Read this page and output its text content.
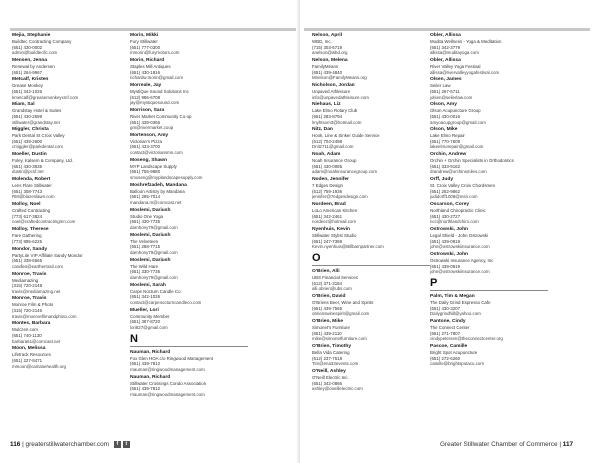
Mejia, Stephanie
Buildtec Contracting Company
(651) 430-0002
admin@buildtecllc.com
Mensen, Jenna
Renewal by Andersen
(651) 264-9967
Metcalf, Kristen
Grease Monkey
(651) 342-1026
kmetcalf@greasemonkeyxmf.com
Miam, Sal
Grandstay Hotel & Suites
(651) 430-2699
stillwater@grandstay.net
Miggler, Christa
Park Dental St Croix Valley
(651) 439-2600
cmiggler@parkdental.com
Moeller, Dustin
Foley, Kalsem & Company, Ltd.
(651) 430-3635
dustin@pcsf.net
Molenda, Robert
Lens Flare Stillwater
(651) 308-7743
RM@blazeslawn.com
Molloy, Noel
Crafted Contracting
(773) 617-3824
noel@craftedcontractingmn.com
Molloy, Therese
Fare Gathering
(773) 895-6225
Mondor, Sandy
PartyLite VIP Affiliate Sandy Mondor
(651) 338-6565
candles@earthentrail.com
Monroe, Travis
Mediamazing
(315) 720-2148
travis@mediamazing.net
Monroe, Travis
Monroe Film & Photo
(315) 720-2146
travis@monroefilmandphoto.com
Montes, Barbara
Mulczen.com
(651) 740-1130
barbara61@comcast.net
Moon, Melissa
Lifetrack Resources
(651) 227-8471
mmoon@camasehealth.org
Morin, Mikki
Fury Stillwater
(651) 777-0300
mmorin@furymotors.com
Morin, Richard
Staples Mill Antiques
(651) 430-1816
richardw.morin@gmail.com
Morreale, Jay
MystiQue Sound Solutions Inc
(612) 986-6708
jay@mystiquesound.com
Morrison, Sara
River Market Community Co-op
(651) 439-0366
gm@rivermarket.coop
Mortenson, Amy
Victorian's Pizza
(651) 433-3700
contact@victoriansmn.com
Moseng, Shawn
MYP Landscape Supply
(651) 755-9880
smoseng@myplandscapesupply.com
Moshrefzadeh, Mandana
Balloon Artistry by Mandana
(651) 295-7014
mandana.m@comcast.net
Moslemi, Dariush
Studio One Yoga
(651) 430-7735
darnhony79@gmail.com
Moslemi, Dariush
The Velveteen
(651) 288-7715
darnhony79@gmail.com
Moslemi, Dariush
The Wild Hare
(651) 330-7735
darnhony79@gmail.com
Moslemi, Sarah
Carpe Nocturn Candle Co
(651) 342-1026
contact@carpenocturncandleco.com
Mueller, Lori
Community Member
(651) 387-8720
lori827@gmail.com
N
Nauman, Richard
Fox Glen HOA c/o Ringwood Management
(651) 439-7812
rnauman@ringwoodmanagement.com
Nauman, Richard
Stillwater Crossings Condo Association
(651) 439-7812
rnauman@ringwoodmanagement.com
116 | greaterstillwaterchamber.com	f	t
Nelson, April
WBD, Inc.
(715) 303-6719
anelson@wbd.org
Nelson, Melena
FamilyMeans
(651) 439-4840
Mnelson@FamilyMeans.org
Nicholson, Jordan
Unpaved Athleisure
info@unpavedathleisure.com
Niehaus, Liz
Lake Elmo Rotary Club
(651) 283-8794
lmyhtsom3@hotmail.com
Nitz, Dan
Hook, Line & Sinker Guide Service
(612) 704-2498
Dnitz711@gmail.com
Noah, Adam
Noah Insurance Group
(651) 430-0085
adam@noahinsurancegroup.com
Noden, Jennifer
7 Edges Design
(612) 759-1936
jennifer@7edgesdesign.com
Nordeen, Brad
LoLo American Kitchen
(651) 342-2461
nordeez@hotmail.com
Nyenhuis, Kevin
Stillwater Stylist Studio
(651) 247-7369
Kevin.nyenhuis@Billbampartner.com
O
O'Brien, Alli
UBS Financial Services
(612) 371-3184
alli.obrien@ubs.com
O'Brien, David
O'Briens Beer, Wine and Spirits
(651) 439-7565
obrienswinespirit@gmail.com
O'Brien, Mike
Simonet's Furniture
(651) 439-2110
mike@simonetfurniture.com
O'Brien, Timothy
Bella Vida Catering
(612) 237-7518
Tim@ena33events.com
O'Neill, Ashley
O'Neill Electric Inc.
(651) 342-0886
ashley@oneillelectric.com
Obler, Allissa
Mudita Wellness - Yoga & Meditation
(651) 342-3779
allissa@muditayoga.com
Obler, Allissa
River Valley Yoga Festival
allissa@rivervalleyyogafestival.com
Olsen, James
Seiler Law
(651) 267-6711
jolsen@seilerlaw.com
Olson, Amy
Olson Acupuncture Group
(651) 430-0016
amyoacupgroup@gmail.com
Olson, Mike
Lake Elmo Repair
(651) 770-7609
lakeelmorepair@gmail.com
Orchin, Andrew
Orchin + Orchin Specialists in Orthodontics
(651) 333-9162
drandrew@orchinsmiles.com
Orff, Judy
St. Croix Valley Croix Chordsmen
(651) 262-9862
judidorff1008@msn.com
Oscarson, Corey
Northland Chiropractic Clinic
(651) 430-2727
ncc@northlandchiro.com
Ostrowski, John
Legal Shield - John Ostrowski
(651) 439-0919
john@ostrowskiinsurance.com
Ostrowski, John
Ostrowski Insurance Agency, Inc
(651) 439-0919
john@ostrowskiinsurance.com
P
Palm, Tim & Megan
The Daily Grind Espresso Cafe
(651) 430-3207
Dailygrindhill@yahoo.com
Pantone, Cindy
The Connect Center
(651) 271-7807
cindypetersen@theconnectcenter.org
Pascoe, Camille
Bright Spot Acupuncture
(651) 272-6260
camille@brightspotacu.com
Greater Stillwater Chamber of Commerce | 117
